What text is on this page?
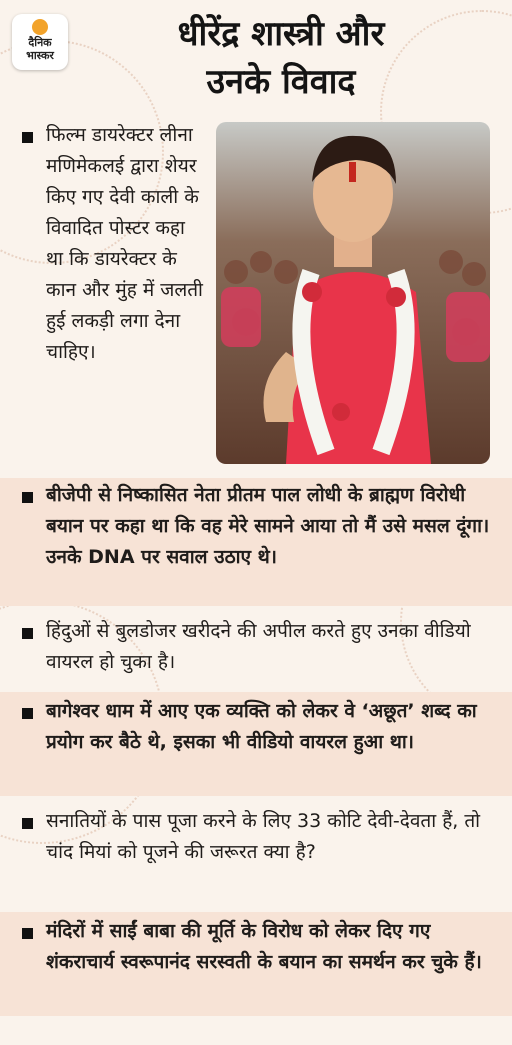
दैनिक
भास्कर
धीरेंद्र शास्त्री और
उनके विवाद
फिल्म डायरेक्टर लीना मणिमेकलई द्वारा शेयर किए गए देवी काली के विवादित पोस्टर कहा था कि डायरेक्टर के कान और मुंह में जलती हुई लकड़ी लगा देना चाहिए।
बीजेपी से निष्कासित नेता प्रीतम पाल लोधी के ब्राह्मण विरोधी बयान पर कहा था कि वह मेरे सामने आया तो मैं उसे मसल दूंगा। उनके DNA पर सवाल उठाए थे।
हिंदुओं से बुलडोजर खरीदने की अपील करते हुए उनका वीडियो वायरल हो चुका है।
बागेश्वर धाम में आए एक व्यक्ति को लेकर वे ‘अछूत’ शब्द का प्रयोग कर बैठे थे, इसका भी वीडियो वायरल हुआ था।
सनातियों के पास पूजा करने के लिए 33 कोटि देवी-देवता हैं, तो चांद मियां को पूजने की जरूरत क्या है?
मंदिरों में साईं बाबा की मूर्ति के विरोध को लेकर दिए गए शंकराचार्य स्वरूपानंद सरस्वती के बयान का समर्थन कर चुके हैं।
